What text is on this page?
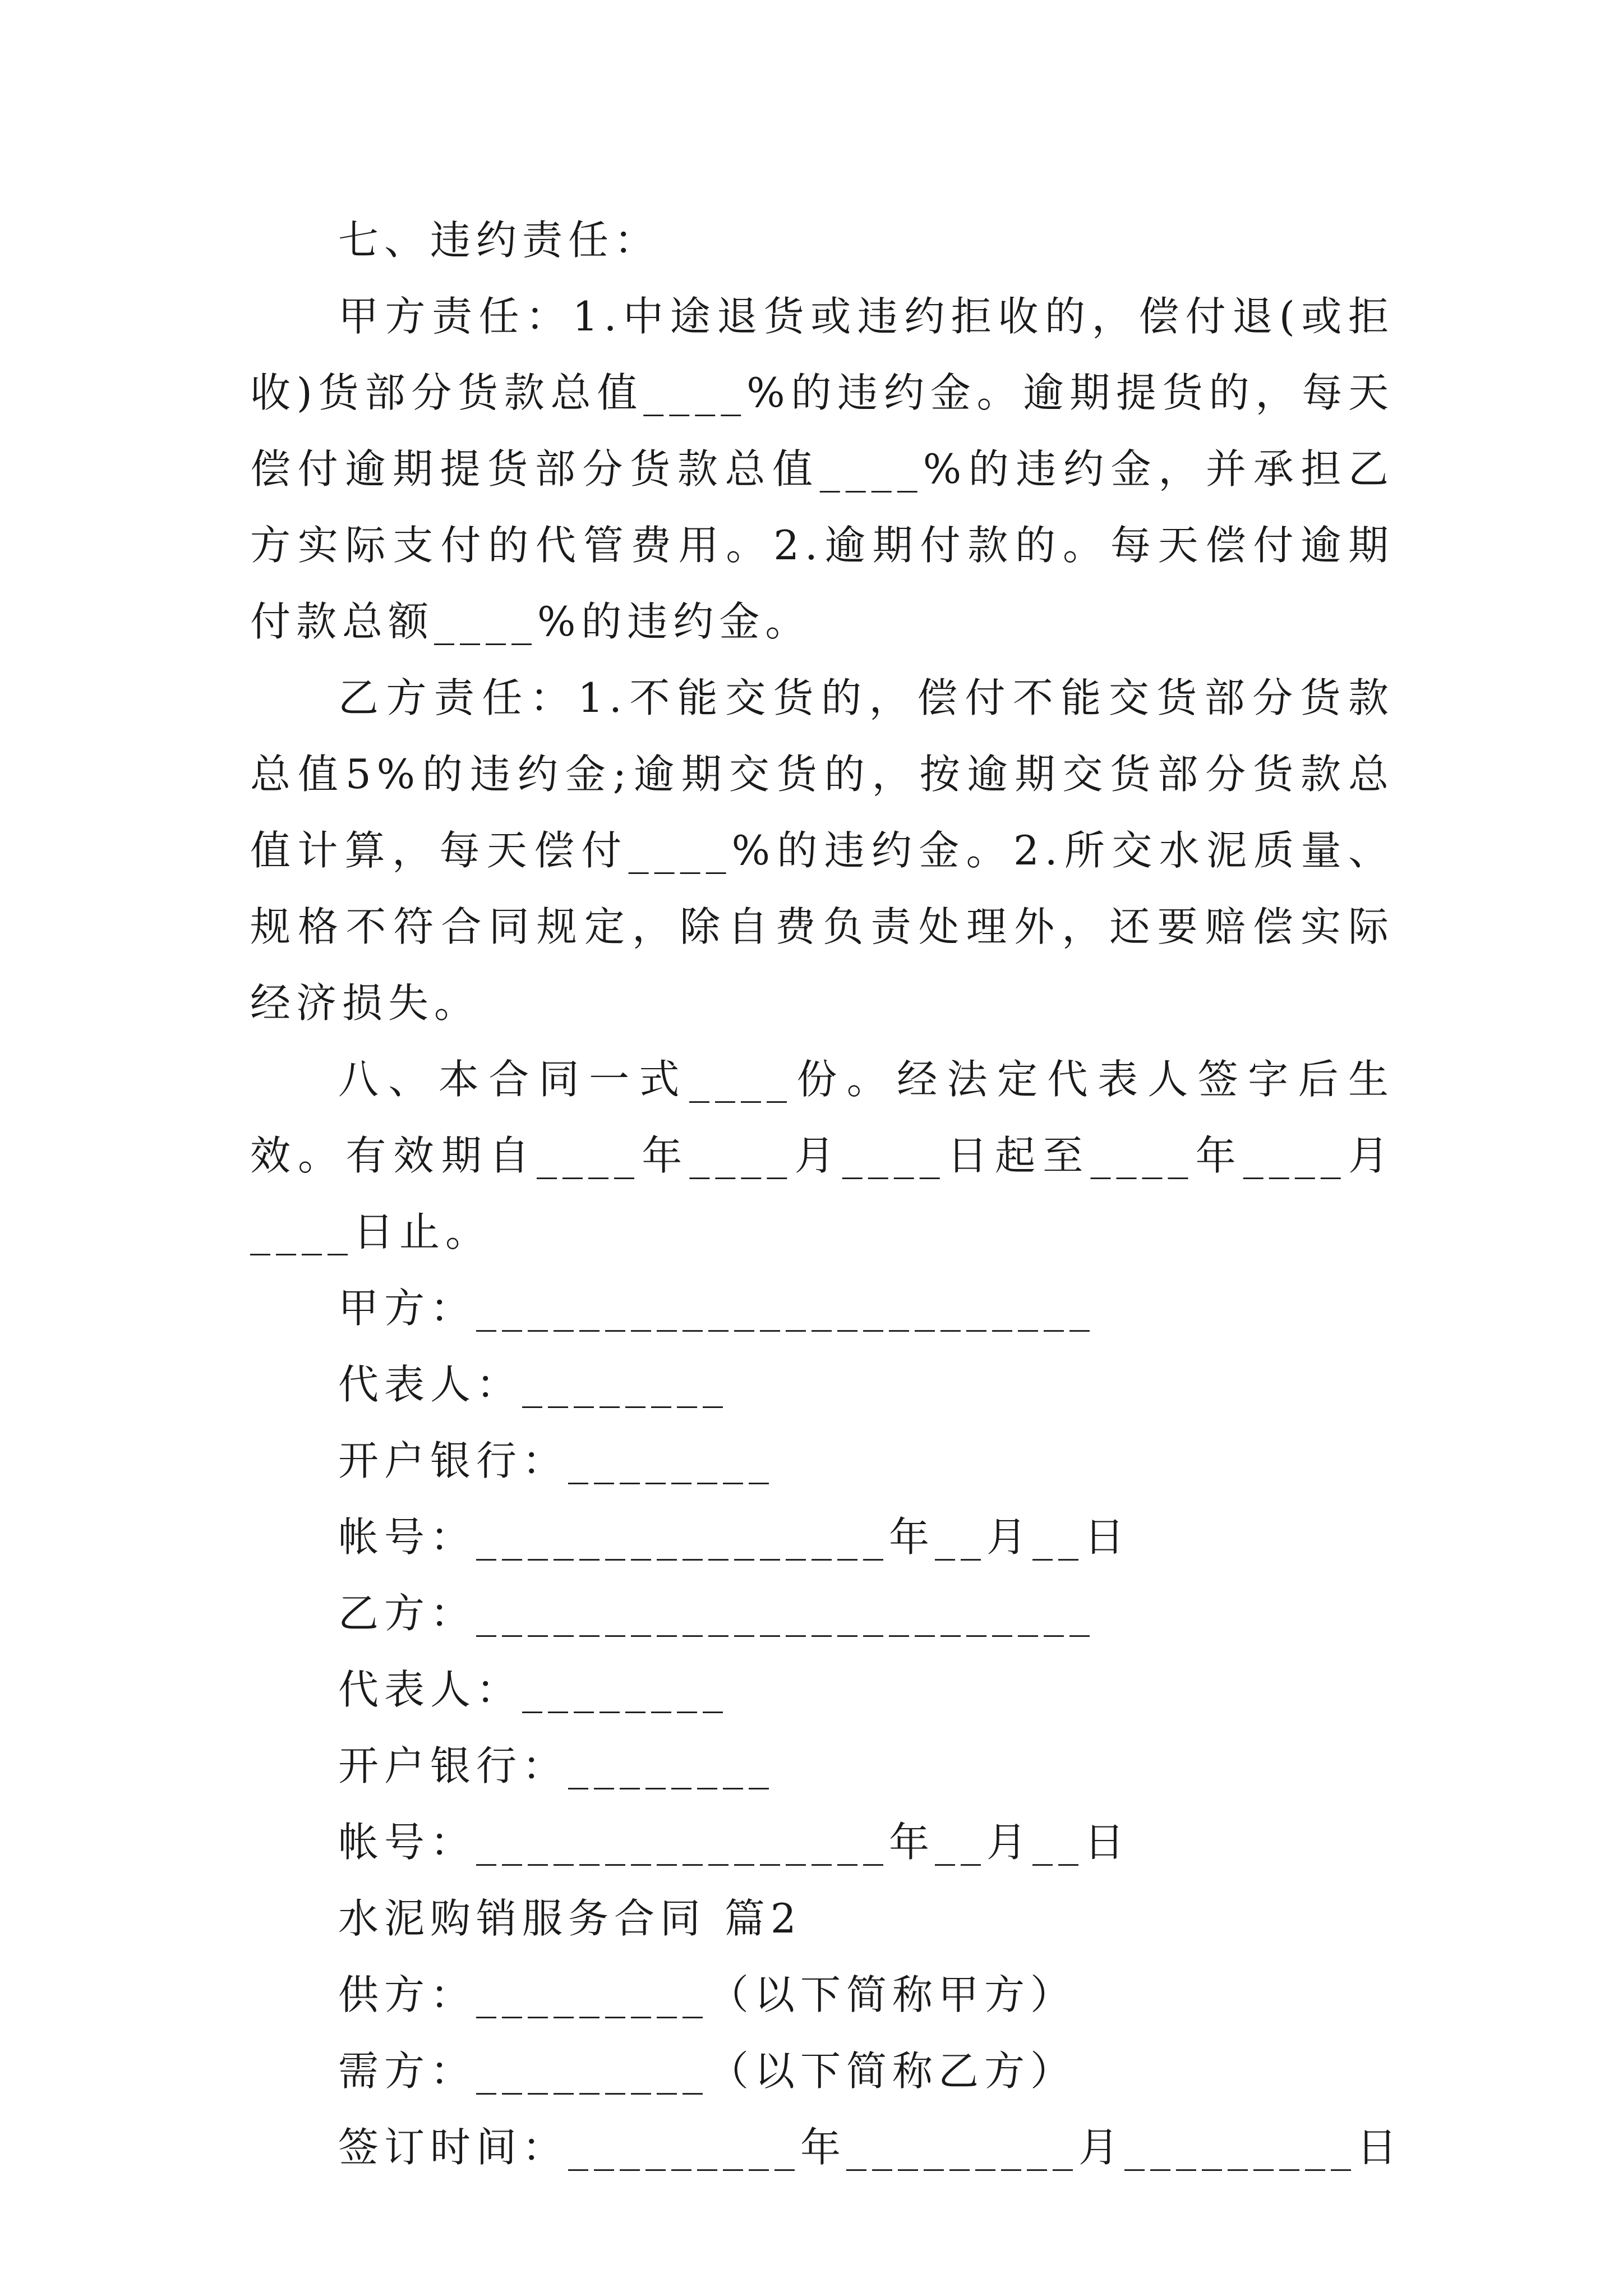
七、违约责任：

甲方责任：1.中途退货或违约拒收的，偿付退(或拒收)货部分货款总值____%的违约金。逾期提货的，每天偿付逾期提货部分货款总值____%的违约金，并承担乙方实际支付的代管费用。2.逾期付款的。每天偿付逾期付款总额____%的违约金。

乙方责任：1.不能交货的，偿付不能交货部分货款总值5%的违约金;逾期交货的，按逾期交货部分货款总值计算，每天偿付____%的违约金。2.所交水泥质量、规格不符合同规定，除自费负责处理外，还要赔偿实际经济损失。

八、本合同一式____份。经法定代表人签字后生效。有效期自____年____月____日起至____年____月____日止。

甲方：________________________
代表人：________
开户银行：________
帐号：________________年__月__日
乙方：________________________
代表人：________
开户银行：________
帐号：________________年__月__日
水泥购销服务合同 篇2
供方：_________（以下简称甲方）
需方：_________（以下简称乙方）
签订时间：_________年_________月_________日
